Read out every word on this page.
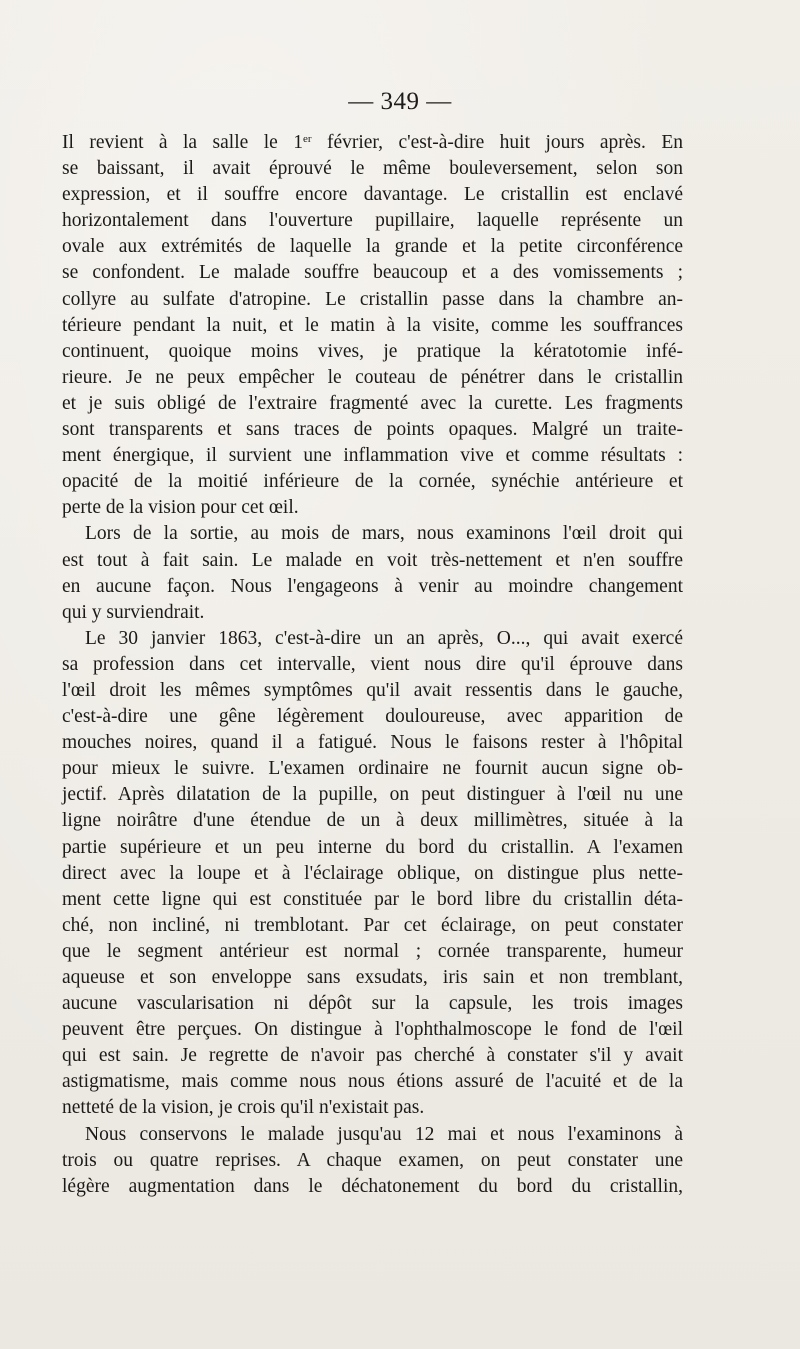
— 349 —
Il revient à la salle le 1er février, c'est-à-dire huit jours après. En
se baissant, il avait éprouvé le même bouleversement, selon son
expression, et il souffre encore davantage. Le cristallin est enclavé
horizontalement dans l'ouverture pupillaire, laquelle représente un
ovale aux extrémités de laquelle la grande et la petite circonférence
se confondent. Le malade souffre beaucoup et a des vomissements ;
collyre au sulfate d'atropine. Le cristallin passe dans la chambre an-
térieure pendant la nuit, et le matin à la visite, comme les souffrances
continuent, quoique moins vives, je pratique la kératotomie infé-
rieure. Je ne peux empêcher le couteau de pénétrer dans le cristallin
et je suis obligé de l'extraire fragmenté avec la curette. Les fragments
sont transparents et sans traces de points opaques. Malgré un traite-
ment énergique, il survient une inflammation vive et comme résultats :
opacité de la moitié inférieure de la cornée, synéchie antérieure et
perte de la vision pour cet œil.
Lors de la sortie, au mois de mars, nous examinons l'œil droit qui
est tout à fait sain. Le malade en voit très-nettement et n'en souffre
en aucune façon. Nous l'engageons à venir au moindre changement
qui y surviendrait.
Le 30 janvier 1863, c'est-à-dire un an après, O..., qui avait exercé
sa profession dans cet intervalle, vient nous dire qu'il éprouve dans
l'œil droit les mêmes symptômes qu'il avait ressentis dans le gauche,
c'est-à-dire une gêne légèrement douloureuse, avec apparition de
mouches noires, quand il a fatigué. Nous le faisons rester à l'hôpital
pour mieux le suivre. L'examen ordinaire ne fournit aucun signe ob-
jectif. Après dilatation de la pupille, on peut distinguer à l'œil nu une
ligne noirâtre d'une étendue de un à deux millimètres, située à la
partie supérieure et un peu interne du bord du cristallin. A l'examen
direct avec la loupe et à l'éclairage oblique, on distingue plus nette-
ment cette ligne qui est constituée par le bord libre du cristallin déta-
ché, non incliné, ni tremblotant. Par cet éclairage, on peut constater
que le segment antérieur est normal ; cornée transparente, humeur
aqueuse et son enveloppe sans exsudats, iris sain et non tremblant,
aucune vascularisation ni dépôt sur la capsule, les trois images
peuvent être perçues. On distingue à l'ophthalmoscope le fond de l'œil
qui est sain. Je regrette de n'avoir pas cherché à constater s'il y avait
astigmatisme, mais comme nous nous étions assuré de l'acuité et de la
netteté de la vision, je crois qu'il n'existait pas.
Nous conservons le malade jusqu'au 12 mai et nous l'examinons à
trois ou quatre reprises. A chaque examen, on peut constater une
légère augmentation dans le déchatonement du bord du cristallin,
